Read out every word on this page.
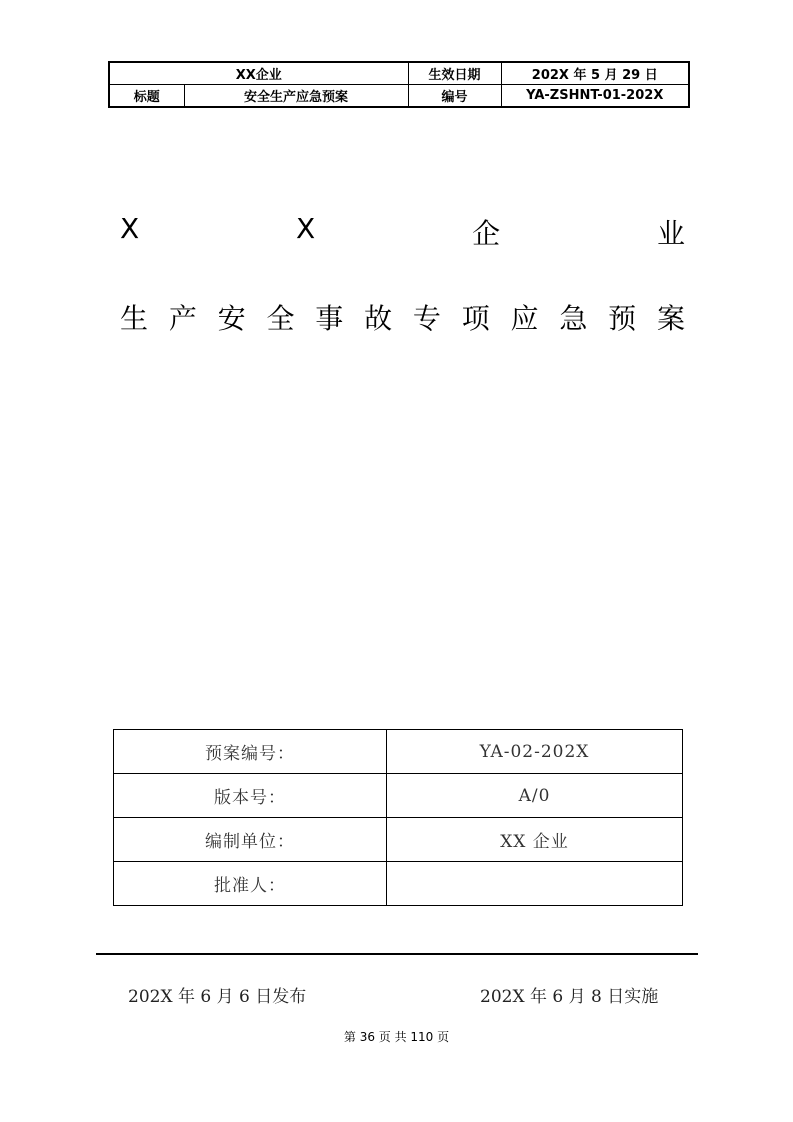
XX企业		生效日期	202X 年 5 月 29 日
标题	安全生产应急预案	编号	YA-ZSHNT-01-202X
X	X	企	业
生 产 安 全 事 故 专 项 应 急 预 案
预案编号：	YA-02-202X
版本号：	A/0
编制单位：	XX 企业
批准人：	
202X 年 6 月 6 日发布	202X 年 6 月 8 日实施
第 36 页 共 110 页
